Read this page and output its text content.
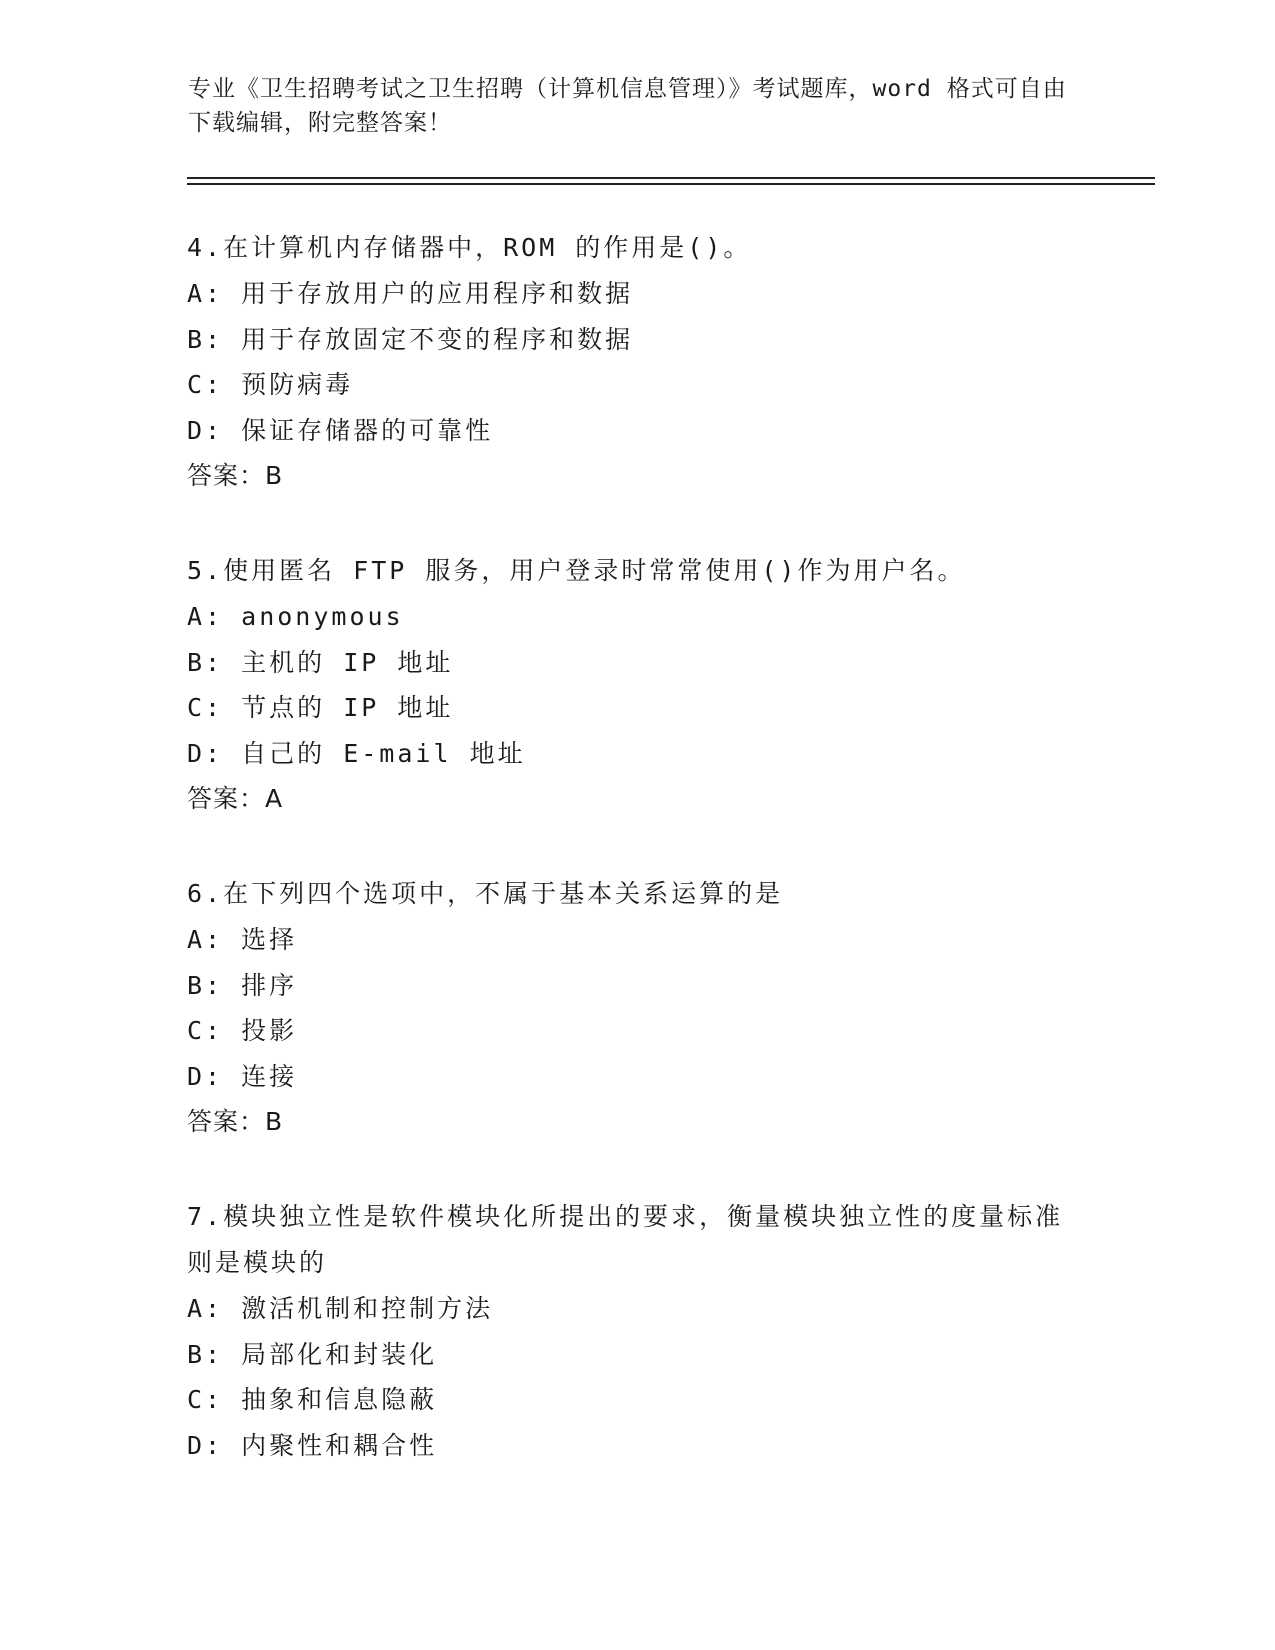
专业《卫生招聘考试之卫生招聘（计算机信息管理）》考试题库，word 格式可自由下载编辑，附完整答案！
4.在计算机内存储器中，ROM 的作用是()。
A: 用于存放用户的应用程序和数据
B: 用于存放固定不变的程序和数据
C: 预防病毒
D: 保证存储器的可靠性
答案：B
5.使用匿名 FTP 服务，用户登录时常常使用()作为用户名。
A: anonymous
B: 主机的 IP 地址
C: 节点的 IP 地址
D: 自己的 E-mail 地址
答案：A
6.在下列四个选项中，不属于基本关系运算的是
A: 选择
B: 排序
C: 投影
D: 连接
答案：B
7.模块独立性是软件模块化所提出的要求，衡量模块独立性的度量标准则是模块的
A: 激活机制和控制方法
B: 局部化和封装化
C: 抽象和信息隐蔽
D: 内聚性和耦合性
